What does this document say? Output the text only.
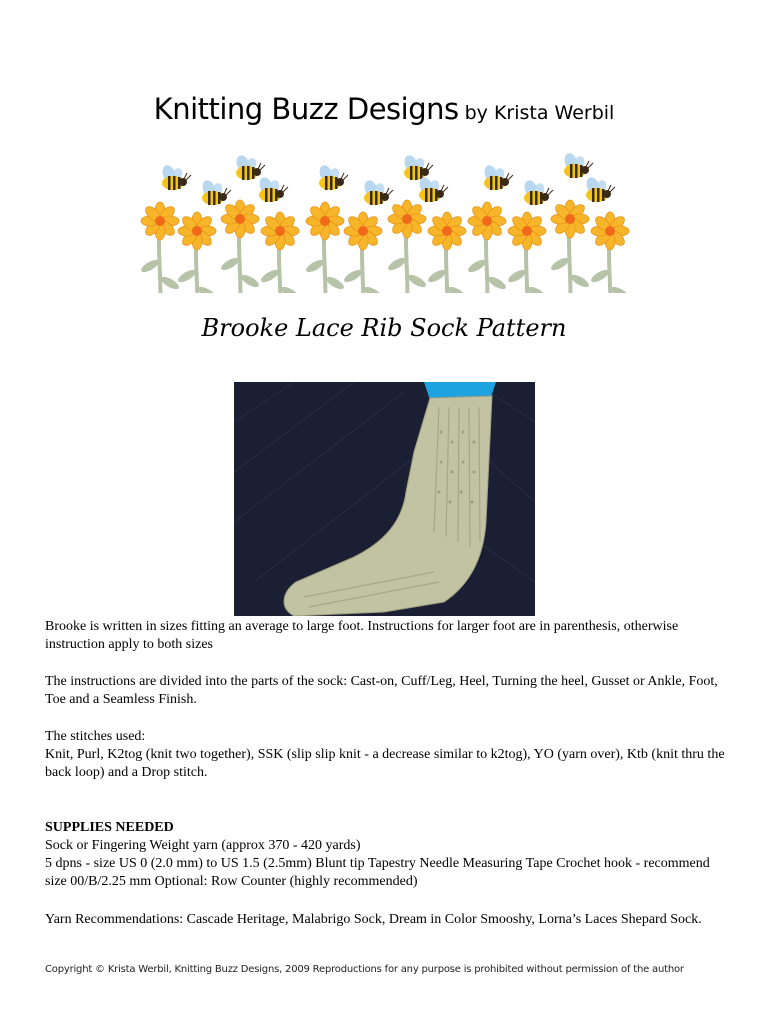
Knitting Buzz Designs by Krista Werbil
Brooke Lace Rib Sock Pattern

Brooke is written in sizes fitting an average to large foot. Instructions for larger foot are in parenthesis, otherwise instruction apply to both sizes

The instructions are divided into the parts of the sock: Cast-on, Cuff/Leg, Heel, Turning the heel, Gusset or Ankle, Foot, Toe and a Seamless Finish.

The stitches used:

Knit, Purl, K2tog (knit two together), SSK (slip slip knit - a decrease similar to k2tog), YO (yarn over), Ktb (knit thru the back loop) and a Drop stitch.

SUPPLIES NEEDED

Sock or Fingering Weight yarn (approx 370 - 420 yards)

5 dpns - size US 0 (2.0 mm) to US 1.5 (2.5mm) Blunt tip Tapestry Needle Measuring Tape Crochet hook - recommend size 00/B/2.25 mm Optional: Row Counter (highly recommended)

Yarn Recommendations: Cascade Heritage, Malabrigo Sock, Dream in Color Smooshy, Lorna’s Laces Shepard Sock.

Copyright © Krista Werbil, Knitting Buzz Designs, 2009 Reproductions for any purpose is prohibited without permission of the author
